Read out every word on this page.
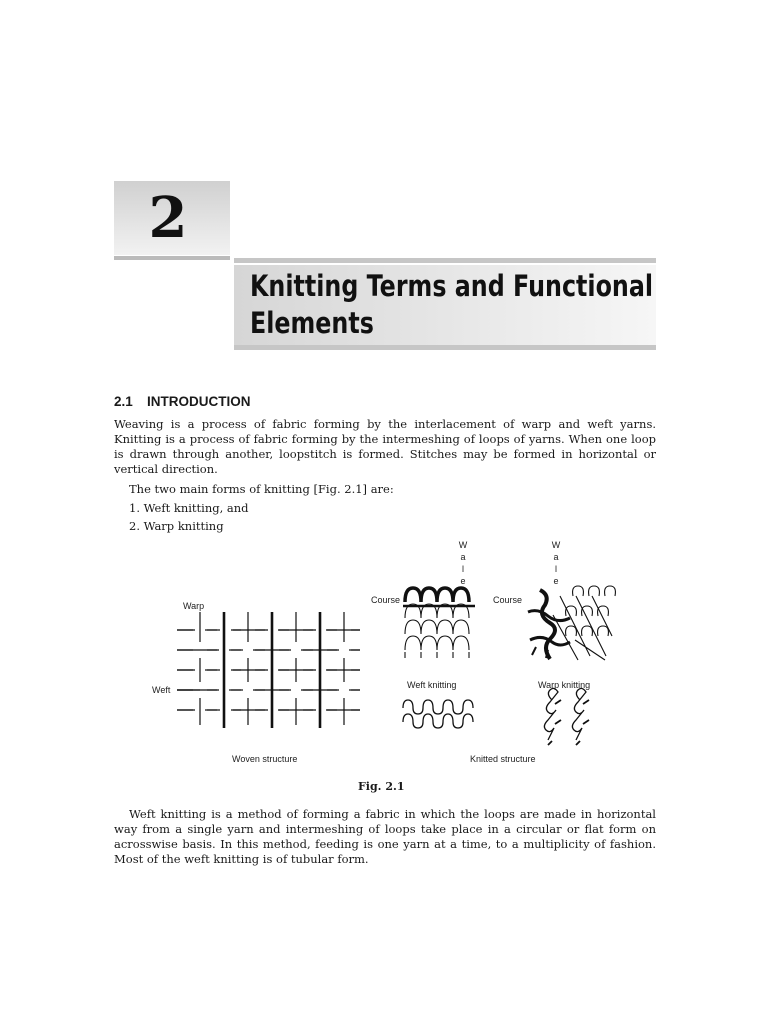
2
Knitting Terms and Functional
Elements
2.1 INTRODUCTION
Weaving is a process of fabric forming by the interlacement of warp and weft yarns. Knitting is a process of fabric forming by the intermeshing of loops of yarns. When one loop is drawn through another, loopstitch is formed. Stitches may be formed in horizontal or vertical direction.
The two main forms of knitting [Fig. 2.1] are:
1. Weft knitting, and
2. Warp knitting
Warp
Weft
W
a
l
e
W
a
l
e
Course	Course
Weft knitting	Warp knitting
Woven structure	Knitted structure
Fig. 2.1
Weft knitting is a method of forming a fabric in which the loops are made in horizontal way from a single yarn and intermeshing of loops take place in a circular or flat form on acrosswise basis. In this method, feeding is one yarn at a time, to a multiplicity of fashion. Most of the weft knitting is of tubular form.
